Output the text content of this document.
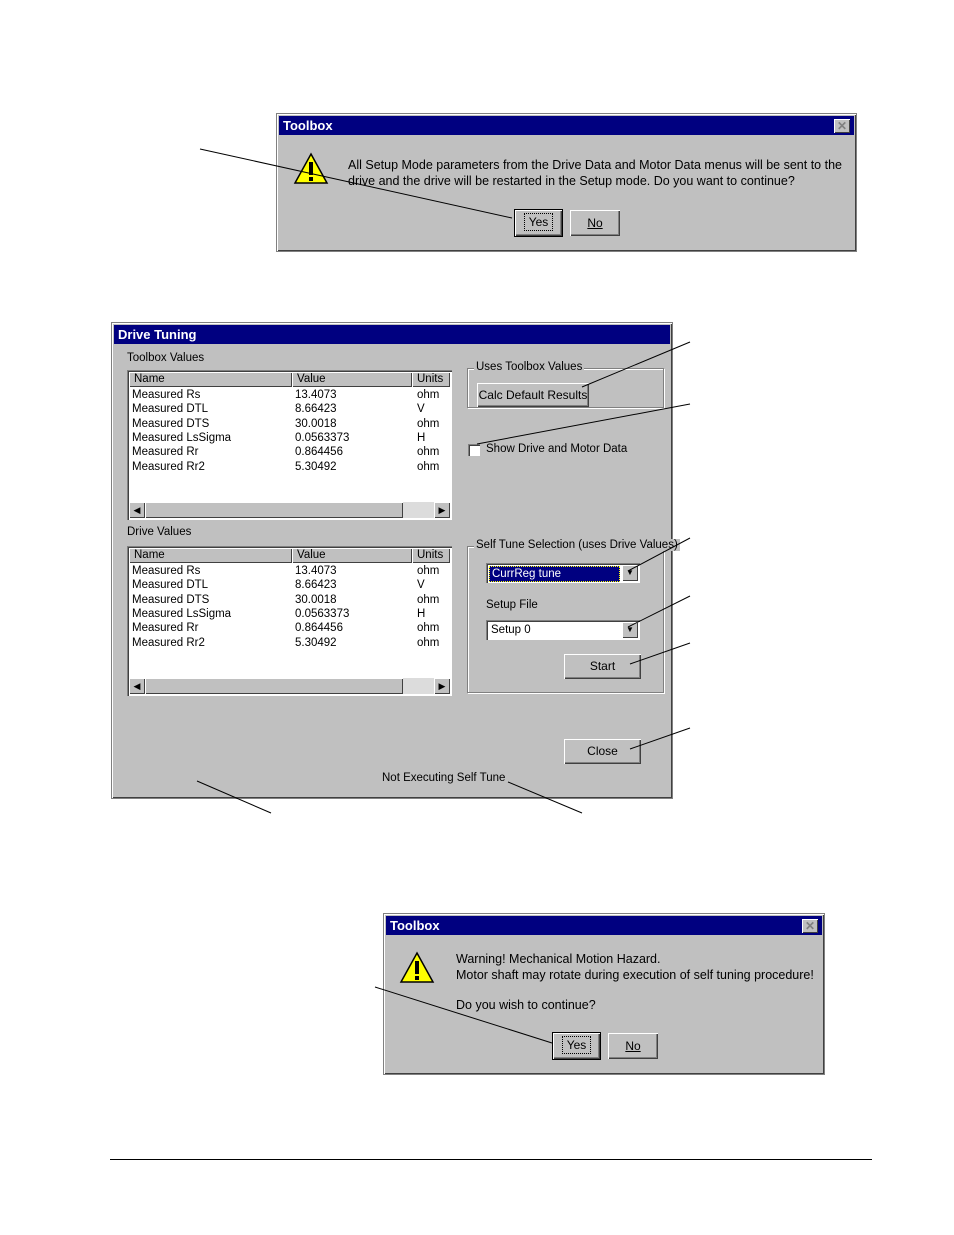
Toolbox	✕
All Setup Mode parameters from the Drive Data and Motor Data menus will be sent to the
drive and the drive will be restarted in the Setup mode. Do you want to continue?
Yes	No
Drive Tuning
Toolbox Values
Name	Value	Units
Measured Rs	13.4073	ohm
Measured DTL	8.66423	V
Measured DTS	30.0018	ohm
Measured LsSigma	0.0563373	H
Measured Rr	0.864456	ohm
Measured Rr2	5.30492	ohm
◀	▶
Drive Values
Name	Value	Units
Measured Rs	13.4073	ohm
Measured DTL	8.66423	V
Measured DTS	30.0018	ohm
Measured LsSigma	0.0563373	H
Measured Rr	0.864456	ohm
Measured Rr2	5.30492	ohm
◀	▶
Uses Toolbox Values
Calc Default Results
Show Drive and Motor Data
Self Tune Selection (uses Drive Values)
CurrReg tune	▼
Setup File
Setup 0	▼
Start
Close
Not Executing Self Tune
Toolbox	✕
Warning! Mechanical Motion Hazard.
Motor shaft may rotate during execution of self tuning procedure!
Do you wish to continue?
Yes	No
